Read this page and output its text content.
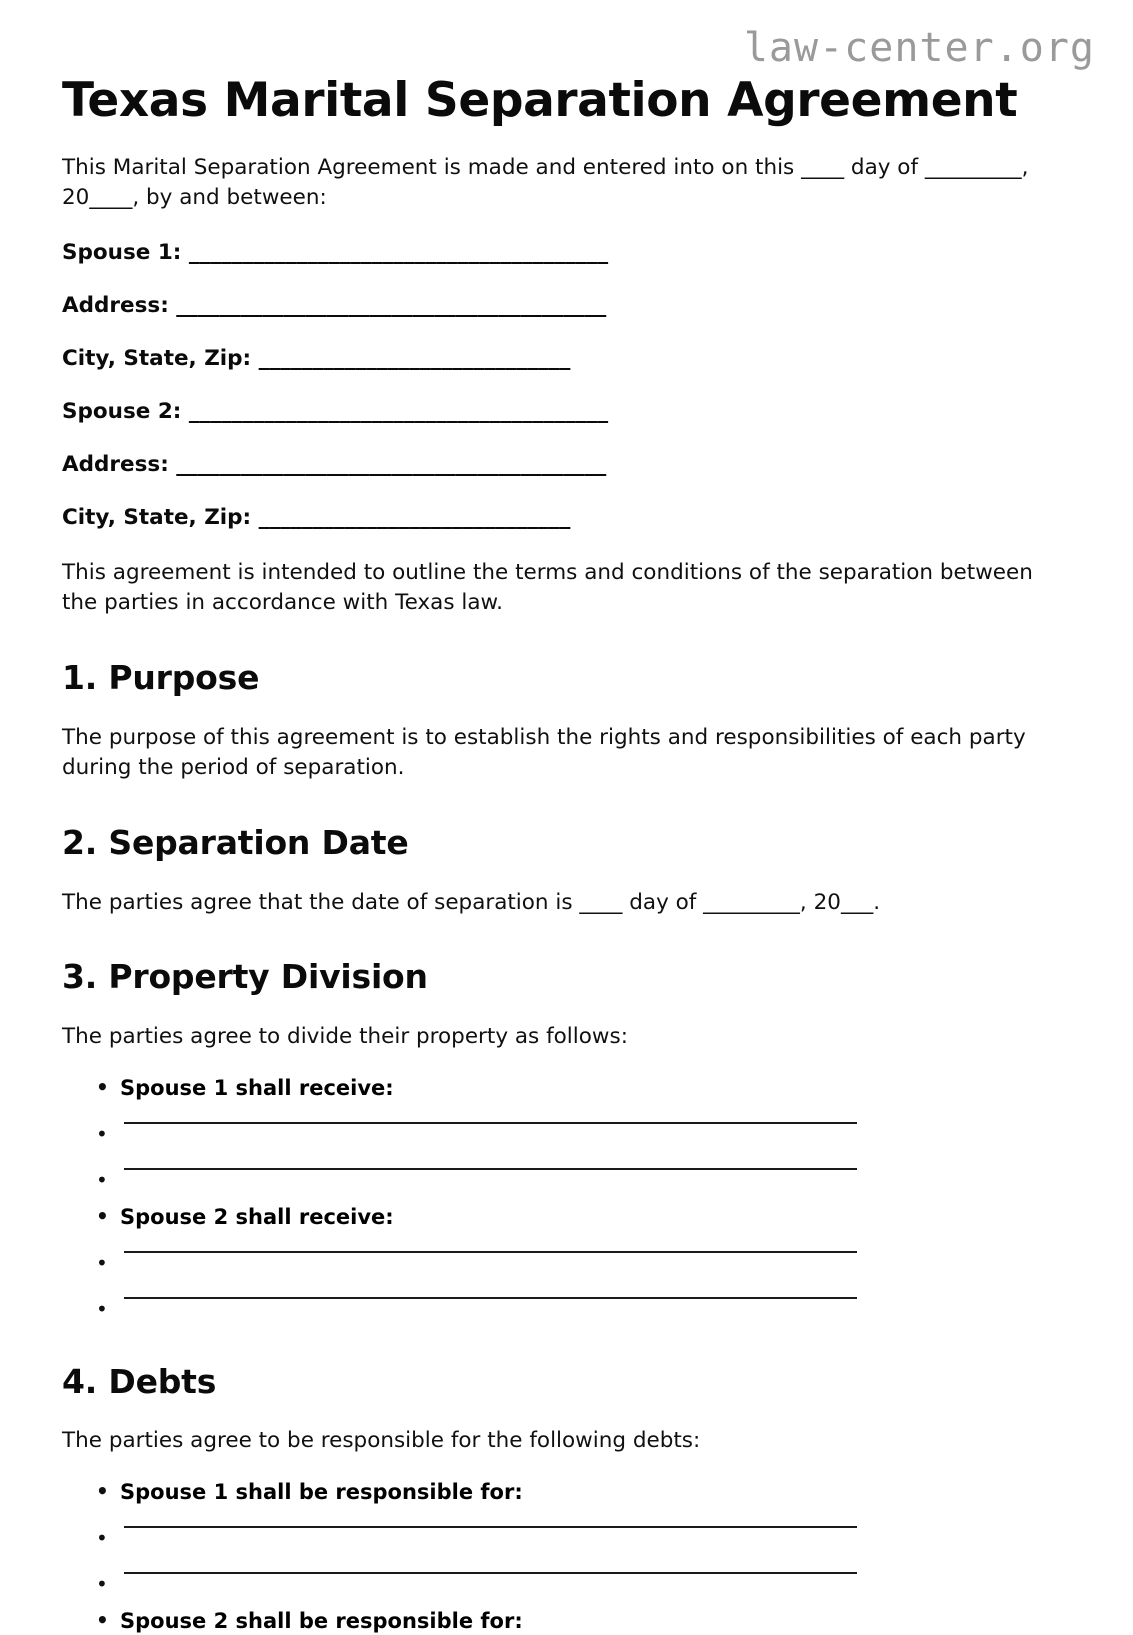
law-center.org
Texas Marital Separation Agreement

This Marital Separation Agreement is made and entered into on this ____ day of _________, 20____, by and between:

Spouse 1: _______________________________________
Address: ________________________________________
City, State, Zip: _____________________________
Spouse 2: _______________________________________
Address: ________________________________________
City, State, Zip: _____________________________

This agreement is intended to outline the terms and conditions of the separation between the parties in accordance with Texas law.

1. Purpose

The purpose of this agreement is to establish the rights and responsibilities of each party during the period of separation.

2. Separation Date

The parties agree that the date of separation is ____ day of _________, 20___.

3. Property Division

The parties agree to divide their property as follows:

• Spouse 1 shall receive:
•
•
• Spouse 2 shall receive:
•
•
4. Debts

The parties agree to be responsible for the following debts:

• Spouse 1 shall be responsible for:
•
•
• Spouse 2 shall be responsible for:
